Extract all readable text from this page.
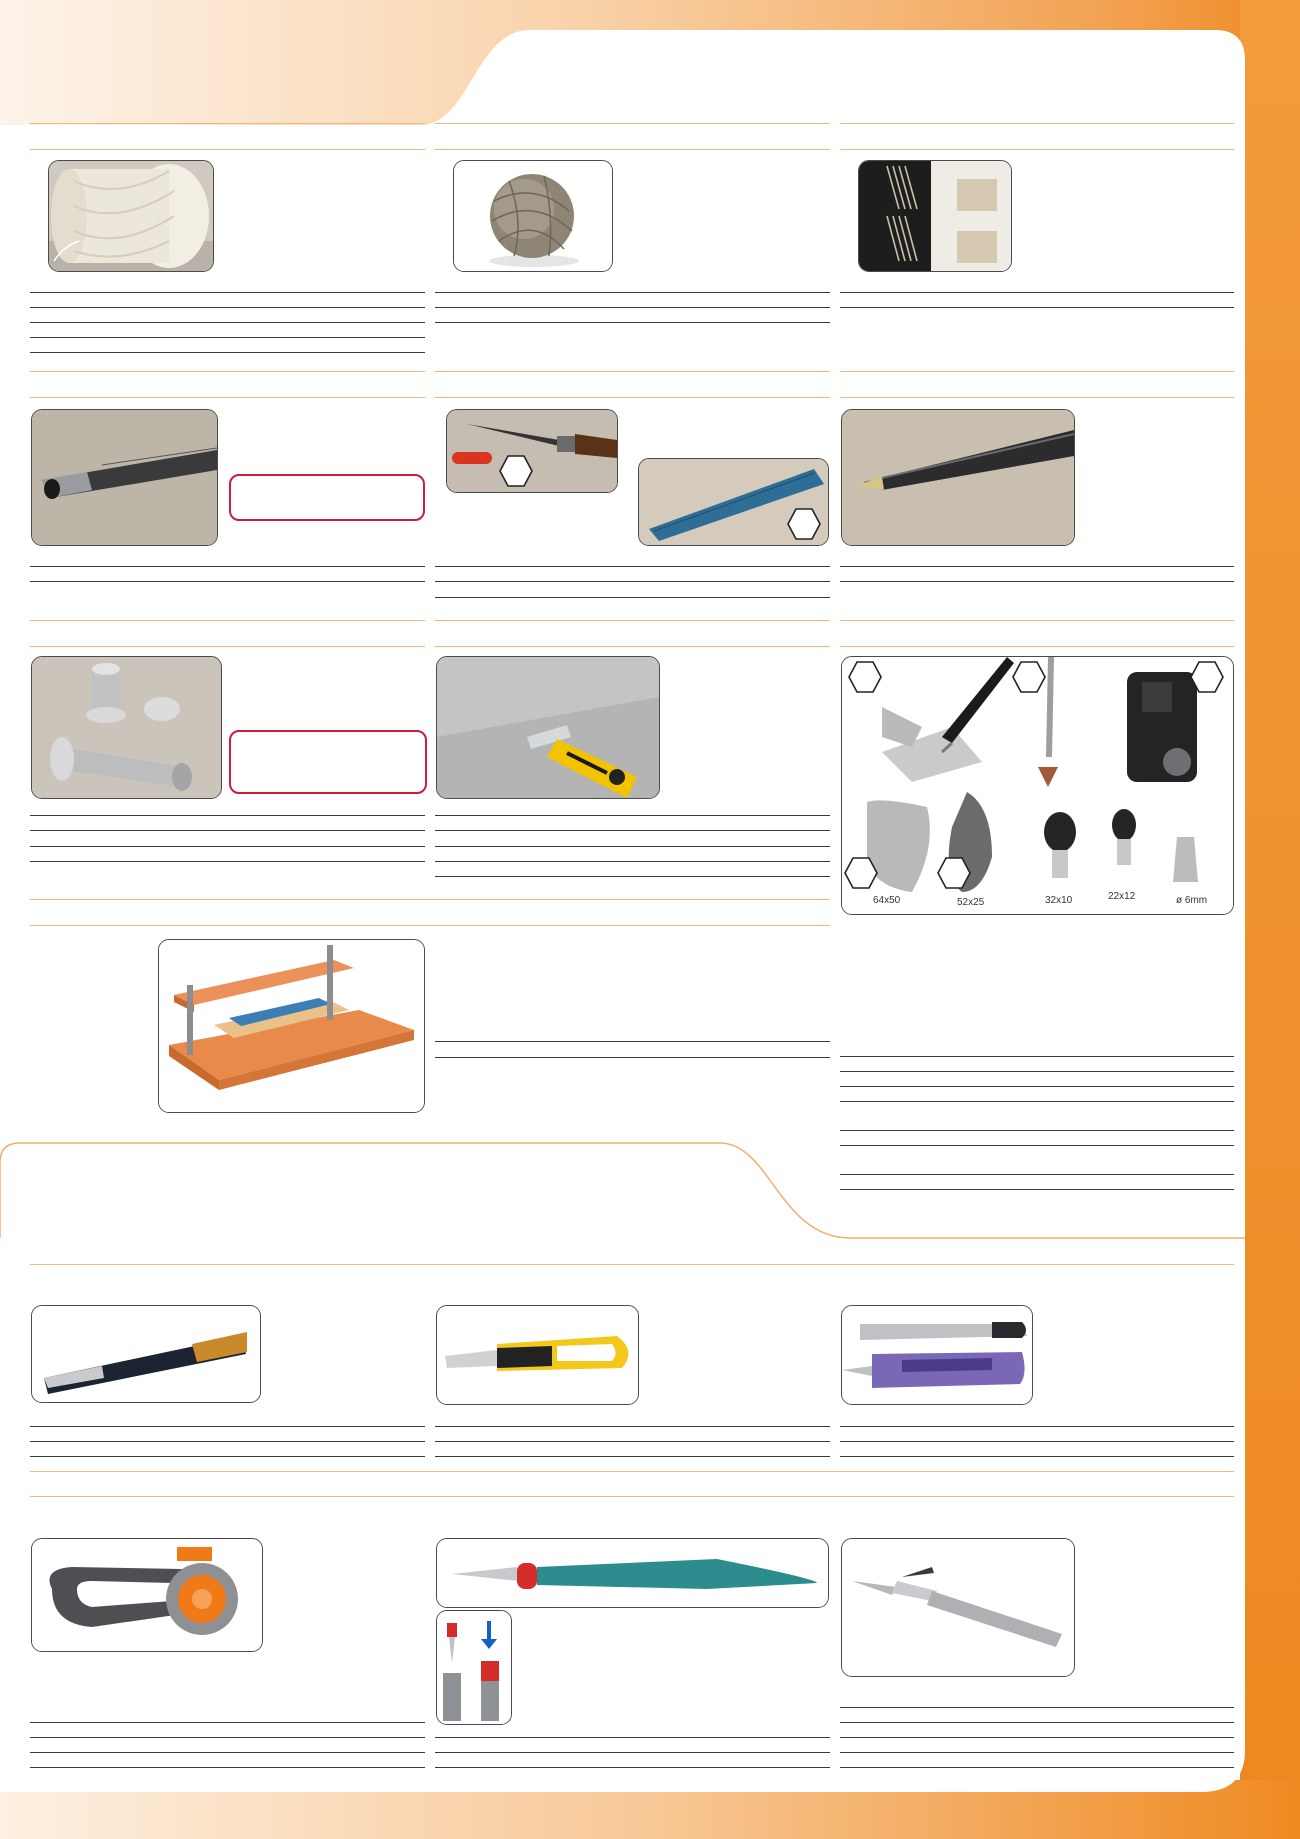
64x50	52x25	32x10	22x12	ø 6mm
